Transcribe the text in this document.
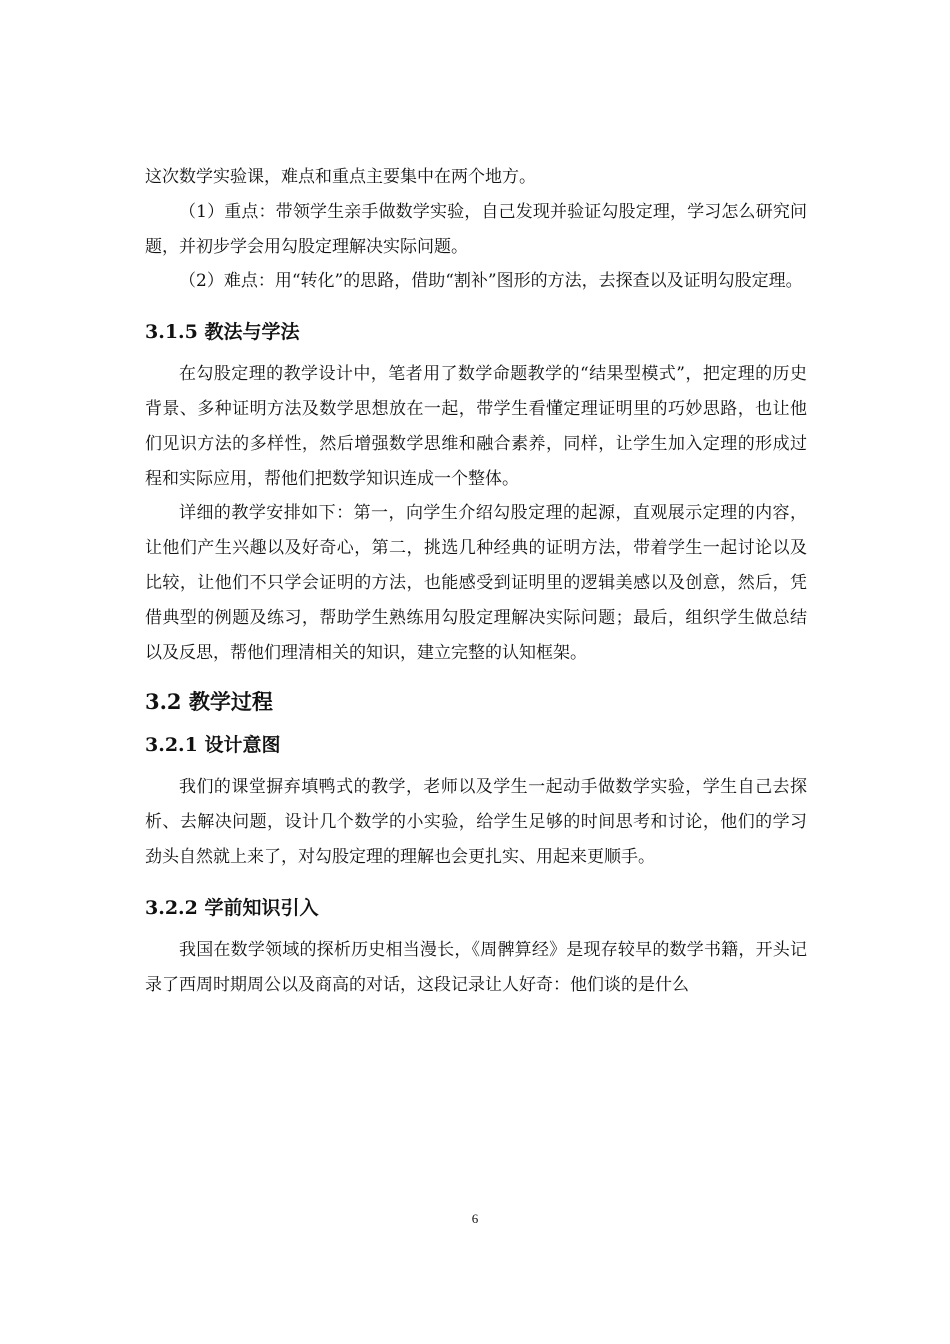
这次数学实验课，难点和重点主要集中在两个地方。

（1）重点：带领学生亲手做数学实验，自己发现并验证勾股定理，学习怎么研究问题，并初步学会用勾股定理解决实际问题。

（2）难点：用“转化”的思路，借助“割补”图形的方法，去探查以及证明勾股定理。

3.1.5 教法与学法

在勾股定理的教学设计中，笔者用了数学命题教学的“结果型模式”，把定理的历史背景、多种证明方法及数学思想放在一起，带学生看懂定理证明里的巧妙思路，也让他们见识方法的多样性，然后增强数学思维和融合素养，同样，让学生加入定理的形成过程和实际应用，帮他们把数学知识连成一个整体。

详细的教学安排如下：第一，向学生介绍勾股定理的起源，直观展示定理的内容，让他们产生兴趣以及好奇心，第二，挑选几种经典的证明方法，带着学生一起讨论以及比较，让他们不只学会证明的方法，也能感受到证明里的逻辑美感以及创意，然后，凭借典型的例题及练习，帮助学生熟练用勾股定理解决实际问题；最后，组织学生做总结以及反思，帮他们理清相关的知识，建立完整的认知框架。

3.2 教学过程
3.2.1 设计意图

我们的课堂摒弃填鸭式的教学，老师以及学生一起动手做数学实验，学生自己去探析、去解决问题，设计几个数学的小实验，给学生足够的时间思考和讨论，他们的学习劲头自然就上来了，对勾股定理的理解也会更扎实、用起来更顺手。

3.2.2 学前知识引入

我国在数学领域的探析历史相当漫长，《周髀算经》是现存较早的数学书籍，开头记录了西周时期周公以及商高的对话，这段记录让人好奇：他们谈的是什么

6
